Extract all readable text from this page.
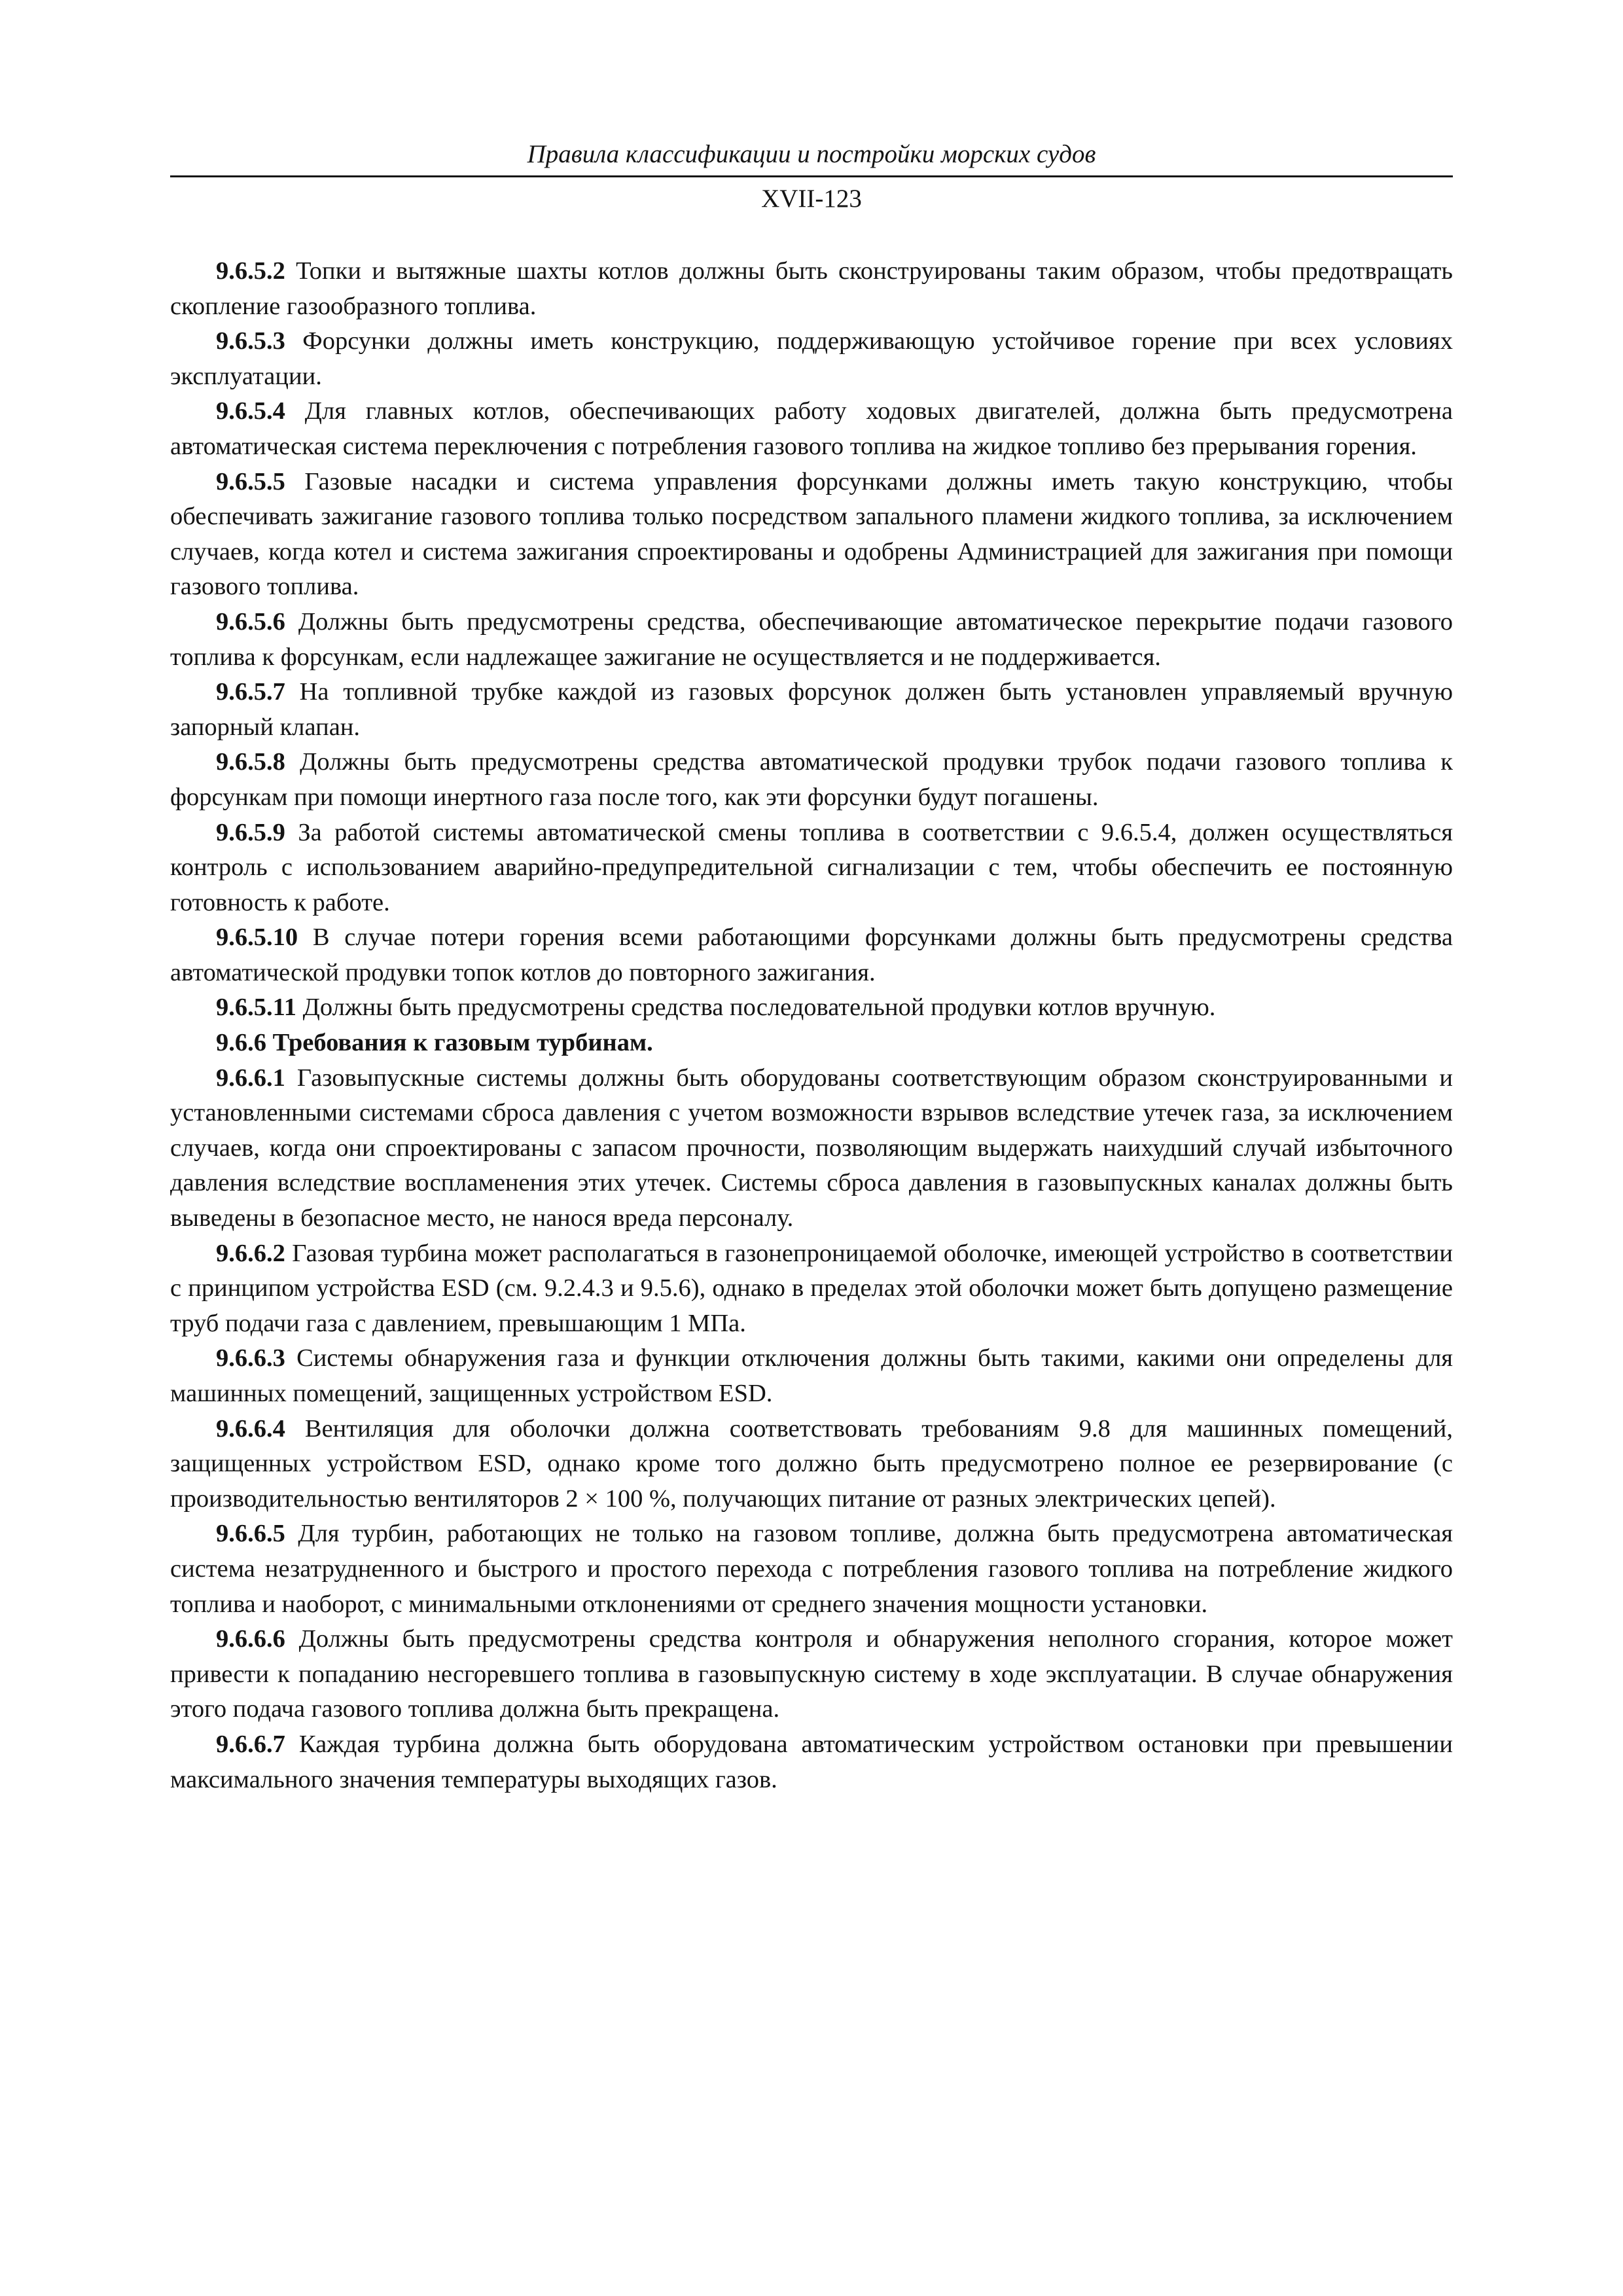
Правила классификации и постройки морских судов
XVII-123

9.6.5.2 Топки и вытяжные шахты котлов должны быть сконструированы таким образом, чтобы предотвращать скопление газообразного топлива.

9.6.5.3 Форсунки должны иметь конструкцию, поддерживающую устойчивое горение при всех условиях эксплуатации.

9.6.5.4 Для главных котлов, обеспечивающих работу ходовых двигателей, должна быть предусмотрена автоматическая система переключения с потребления газового топлива на жидкое топливо без прерывания горения.

9.6.5.5 Газовые насадки и система управления форсунками должны иметь такую конструкцию, чтобы обеспечивать зажигание газового топлива только посредством запального пламени жидкого топлива, за исключением случаев, когда котел и система зажигания спроектированы и одобрены Администрацией для зажигания при помощи газового топлива.

9.6.5.6 Должны быть предусмотрены средства, обеспечивающие автоматическое перекрытие подачи газового топлива к форсункам, если надлежащее зажигание не осуществляется и не поддерживается.

9.6.5.7 На топливной трубке каждой из газовых форсунок должен быть установлен управляемый вручную запорный клапан.

9.6.5.8 Должны быть предусмотрены средства автоматической продувки трубок подачи газового топлива к форсункам при помощи инертного газа после того, как эти форсунки будут погашены.

9.6.5.9 За работой системы автоматической смены топлива в соответствии с 9.6.5.4, должен осуществляться контроль с использованием аварийно-предупредительной сигнализации с тем, чтобы обеспечить ее постоянную готовность к работе.

9.6.5.10 В случае потери горения всеми работающими форсунками должны быть предусмотрены средства автоматической продувки топок котлов до повторного зажигания.

9.6.5.11 Должны быть предусмотрены средства последовательной продувки котлов вручную.

9.6.6 Требования к газовым турбинам.

9.6.6.1 Газовыпускные системы должны быть оборудованы соответствующим образом сконструированными и установленными системами сброса давления с учетом возможности взрывов вследствие утечек газа, за исключением случаев, когда они спроектированы с запасом прочности, позволяющим выдержать наихудший случай избыточного давления вследствие воспламенения этих утечек. Системы сброса давления в газовыпускных каналах должны быть выведены в безопасное место, не нанося вреда персоналу.

9.6.6.2 Газовая турбина может располагаться в газонепроницаемой оболочке, имеющей устройство в соответствии с принципом устройства ESD (см. 9.2.4.3 и 9.5.6), однако в пределах этой оболочки может быть допущено размещение труб подачи газа с давлением, превышающим 1 МПа.

9.6.6.3 Системы обнаружения газа и функции отключения должны быть такими, какими они определены для машинных помещений, защищенных устройством ESD.

9.6.6.4 Вентиляция для оболочки должна соответствовать требованиям 9.8 для машинных помещений, защищенных устройством ESD, однако кроме того должно быть предусмотрено полное ее резервирование (с производительностью вентиляторов 2 × 100 %, получающих питание от разных электрических цепей).

9.6.6.5 Для турбин, работающих не только на газовом топливе, должна быть предусмотрена автоматическая система незатрудненного и быстрого и простого перехода с потребления газового топлива на потребление жидкого топлива и наоборот, с минимальными отклонениями от среднего значения мощности установки.

9.6.6.6 Должны быть предусмотрены средства контроля и обнаружения неполного сгорания, которое может привести к попаданию несгоревшего топлива в газовыпускную систему в ходе эксплуатации. В случае обнаружения этого подача газового топлива должна быть прекращена.

9.6.6.7 Каждая турбина должна быть оборудована автоматическим устройством остановки при превышении максимального значения температуры выходящих газов.
